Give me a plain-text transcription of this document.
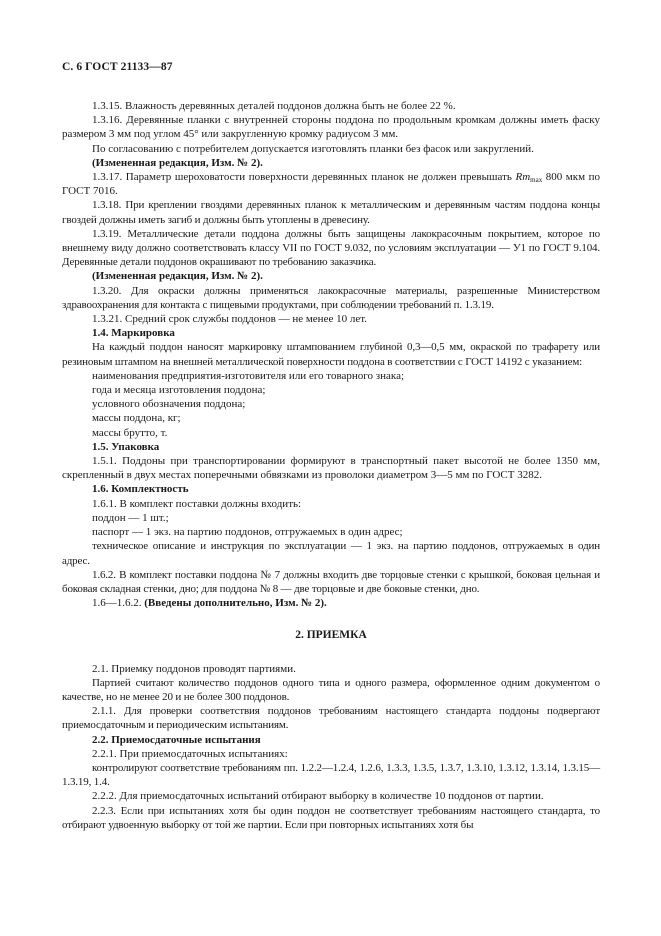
С. 6 ГОСТ 21133—87

1.3.15. Влажность деревянных деталей поддонов должна быть не более 22 %.

1.3.16. Деревянные планки с внутренней стороны поддона по продольным кромкам должны иметь фаску размером 3 мм под углом 45° или закругленную кромку радиусом 3 мм.

По согласованию с потребителем допускается изготовлять планки без фасок или закруглений.

(Измененная редакция, Изм. № 2).

1.3.17. Параметр шероховатости поверхности деревянных планок не должен превышать $Rm_{max}$ 800 мкм по ГОСТ 7016.

1.3.18. При креплении гвоздями деревянных планок к металлическим и деревянным частям поддона концы гвоздей должны иметь загиб и должны быть утоплены в древесину.

1.3.19. Металлические детали поддона должны быть защищены лакокрасочным покрытием, которое по внешнему виду должно соответствовать классу VII по ГОСТ 9.032, по условиям эксплуатации — У1 по ГОСТ 9.104. Деревянные детали поддонов окрашивают по требованию заказчика.

(Измененная редакция, Изм. № 2).

1.3.20. Для окраски должны применяться лакокрасочные материалы, разрешенные Министерством здравоохранения для контакта с пищевыми продуктами, при соблюдении требований п. 1.3.19.

1.3.21. Средний срок службы поддонов — не менее 10 лет.

1.4. Маркировка

На каждый поддон наносят маркировку штампованием глубиной 0,3—0,5 мм, окраской по трафарету или резиновым штампом на внешней металлической поверхности поддона в соответствии с ГОСТ 14192 с указанием:

наименования предприятия-изготовителя или его товарного знака;

года и месяца изготовления поддона;

условного обозначения поддона;

массы поддона, кг;

массы брутто, т.

1.5. Упаковка

1.5.1. Поддоны при транспортировании формируют в транспортный пакет высотой не более 1350 мм, скрепленный в двух местах поперечными обвязками из проволоки диаметром 3—5 мм по ГОСТ 3282.

1.6. Комплектность

1.6.1. В комплект поставки должны входить:

поддон — 1 шт.;

паспорт — 1 экз. на партию поддонов, отгружаемых в один адрес;

техническое описание и инструкция по эксплуатации — 1 экз. на партию поддонов, отгружаемых в один адрес.

1.6.2. В комплект поставки поддона № 7 должны входить две торцовые стенки с крышкой, боковая цельная и боковая складная стенки, дно; для поддона № 8 — две торцовые и две боковые стенки, дно.

1.6—1.6.2. (Введены дополнительно, Изм. № 2).

2. ПРИЕМКА

2.1. Приемку поддонов проводят партиями.

Партией считают количество поддонов одного типа и одного размера, оформленное одним документом о качестве, но не менее 20 и не более 300 поддонов.

2.1.1. Для проверки соответствия поддонов требованиям настоящего стандарта поддоны подвергают приемосдаточным и периодическим испытаниям.

2.2. Приемосдаточные испытания

2.2.1. При приемосдаточных испытаниях:

контролируют соответствие требованиям пп. 1.2.2—1.2.4, 1.2.6, 1.3.3, 1.3.5, 1.3.7, 1.3.10, 1.3.12, 1.3.14, 1.3.15—1.3.19, 1.4.

2.2.2. Для приемосдаточных испытаний отбирают выборку в количестве 10 поддонов от партии.

2.2.3. Если при испытаниях хотя бы один поддон не соответствует требованиям настоящего стандарта, то отбирают удвоенную выборку от той же партии. Если при повторных испытаниях хотя бы
